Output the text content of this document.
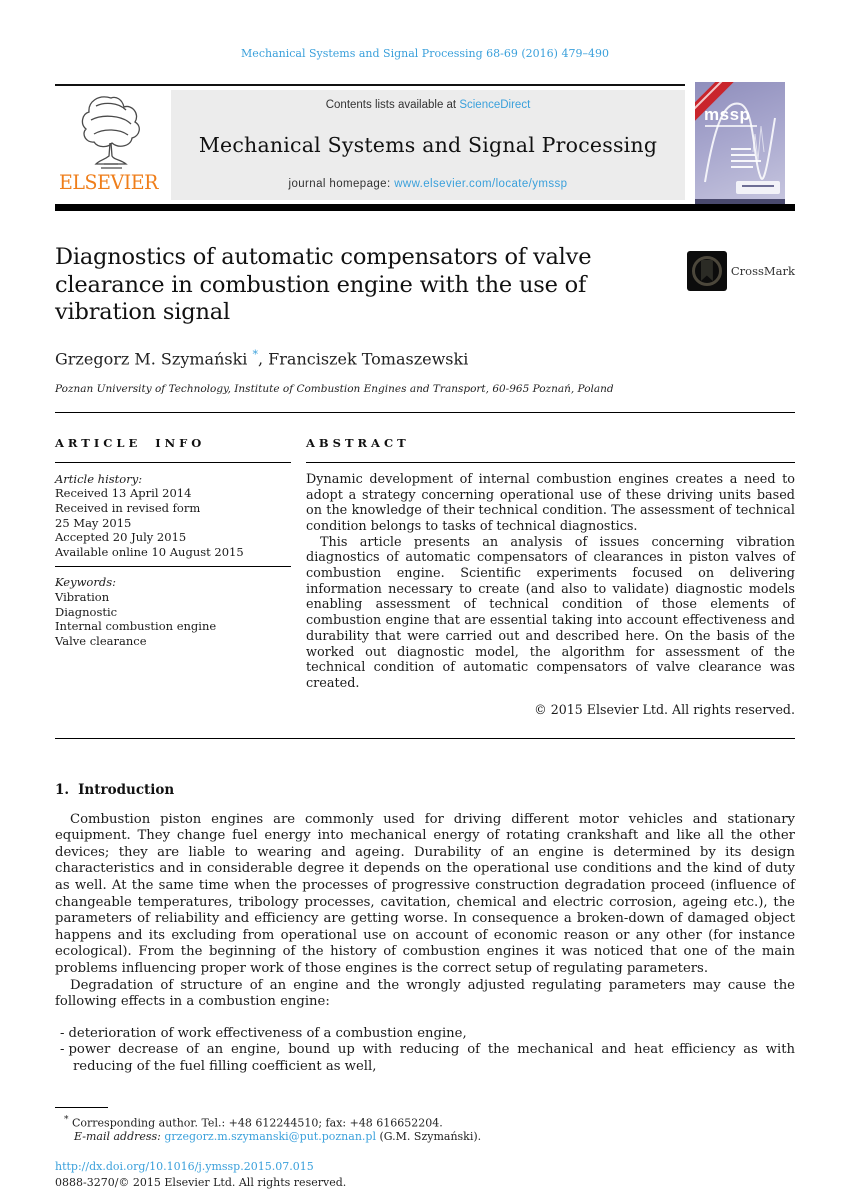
Mechanical Systems and Signal Processing 68-69 (2016) 479–490
ELSEVIER
Contents lists available at ScienceDirect
Mechanical Systems and Signal Processing
journal homepage: www.elsevier.com/locate/ymssp
mssp
Diagnostics of automatic compensators of valve clearance in combustion engine with the use of vibration signal
CrossMark
Grzegorz M. Szymański *, Franciszek Tomaszewski
Poznan University of Technology, Institute of Combustion Engines and Transport, 60-965 Poznań, Poland
ARTICLE INFO
Article history:
Received 13 April 2014
Received in revised form
25 May 2015
Accepted 20 July 2015
Available online 10 August 2015
Keywords:
Vibration
Diagnostic
Internal combustion engine
Valve clearance
ABSTRACT

Dynamic development of internal combustion engines creates a need to adopt a strategy concerning operational use of these driving units based on the knowledge of their technical condition. The assessment of technical condition belongs to tasks of technical diagnostics.

This article presents an analysis of issues concerning vibration diagnostics of automatic compensators of clearances in piston valves of combustion engine. Scientific experiments focused on delivering information necessary to create (and also to validate) diagnostic models enabling assessment of technical condition of those elements of combustion engine that are essential taking into account effectiveness and durability that were carried out and described here. On the basis of the worked out diagnostic model, the algorithm for assessment of the technical condition of automatic compensators of valve clearance was created.

© 2015 Elsevier Ltd. All rights reserved.
1. Introduction

Combustion piston engines are commonly used for driving different motor vehicles and stationary equipment. They change fuel energy into mechanical energy of rotating crankshaft and like all the other devices; they are liable to wearing and ageing. Durability of an engine is determined by its design characteristics and in considerable degree it depends on the operational use conditions and the kind of duty as well. At the same time when the processes of progressive construction degradation proceed (influence of changeable temperatures, tribology processes, cavitation, chemical and electric corrosion, ageing etc.), the parameters of reliability and efficiency are getting worse. In consequence a broken-down of damaged object happens and its excluding from operational use on account of economic reason or any other (for instance ecological). From the beginning of the history of combustion engines it was noticed that one of the main problems influencing proper work of those engines is the correct setup of regulating parameters.

Degradation of structure of an engine and the wrongly adjusted regulating parameters may cause the following effects in a combustion engine:

- deterioration of work effectiveness of a combustion engine,
- power decrease of an engine, bound up with reducing of the mechanical and heat efficiency as with reducing of the fuel filling coefficient as well,
* Corresponding author. Tel.: +48 612244510; fax: +48 616652204.
E-mail address: grzegorz.m.szymanski@put.poznan.pl (G.M. Szymański).
http://dx.doi.org/10.1016/j.ymssp.2015.07.015
0888-3270/© 2015 Elsevier Ltd. All rights reserved.
